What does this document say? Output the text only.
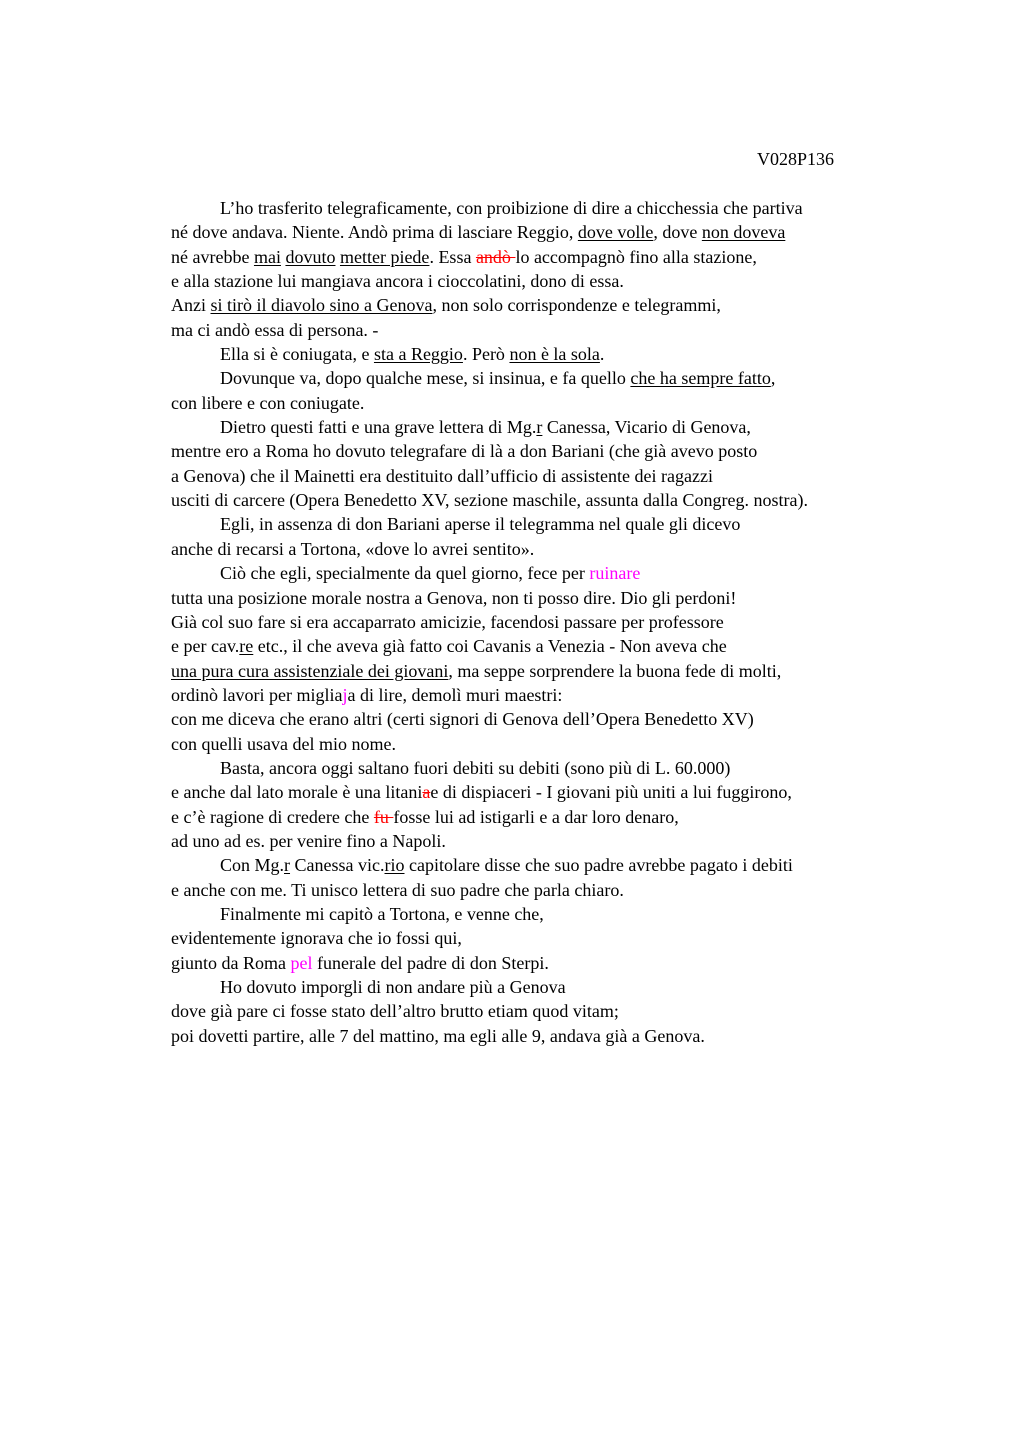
V028P136
L’ho trasferito telegraficamente, con proibizione di dire a chicchessia che partiva
né dove andava. Niente. Andò prima di lasciare Reggio, dove volle, dove non doveva
né avrebbe mai dovuto metter piede. Essa andò lo accompagnò fino alla stazione,
e alla stazione lui mangiava ancora i cioccolatini, dono di essa.
Anzi si tirò il diavolo sino a Genova, non solo corrispondenze e telegrammi,
ma ci andò essa di persona. -
Ella si è coniugata, e sta a Reggio. Però non è la sola.
Dovunque va, dopo qualche mese, si insinua, e fa quello che ha sempre fatto,
con libere e con coniugate.
Dietro questi fatti e una grave lettera di Mg.r Canessa, Vicario di Genova,
mentre ero a Roma ho dovuto telegrafare di là a don Bariani (che già avevo posto
a Genova) che il Mainetti era destituito dall’ufficio di assistente dei ragazzi
usciti di carcere (Opera Benedetto XV, sezione maschile, assunta dalla Congreg. nostra).
Egli, in assenza di don Bariani aperse il telegramma nel quale gli dicevo
anche di recarsi a Tortona, «dove lo avrei sentito».
Ciò che egli, specialmente da quel giorno, fece per ruinare
tutta una posizione morale nostra a Genova, non ti posso dire. Dio gli perdoni!
Già col suo fare si era accaparrato amicizie, facendosi passare per professore
e per cav.re etc., il che aveva già fatto coi Cavanis a Venezia - Non aveva che
una pura cura assistenziale dei giovani, ma seppe sorprendere la buona fede di molti,
ordinò lavori per migliaja di lire, demolì muri maestri:
con me diceva che erano altri (certi signori di Genova dell’Opera Benedetto XV)
con quelli usava del mio nome.
Basta, ancora oggi saltano fuori debiti su debiti (sono più di L. 60.000)
e anche dal lato morale è una litaniae di dispiaceri - I giovani più uniti a lui fuggirono,
e c’è ragione di credere che fu fosse lui ad istigarli e a dar loro denaro,
ad uno ad es. per venire fino a Napoli.
Con Mg.r Canessa vic.rio capitolare disse che suo padre avrebbe pagato i debiti
e anche con me. Ti unisco lettera di suo padre che parla chiaro.
Finalmente mi capitò a Tortona, e venne che,
evidentemente ignorava che io fossi qui,
giunto da Roma pel funerale del padre di don Sterpi.
Ho dovuto imporgli di non andare più a Genova
dove già pare ci fosse stato dell’altro brutto etiam quod vitam;
poi dovetti partire, alle 7 del mattino, ma egli alle 9, andava già a Genova.
